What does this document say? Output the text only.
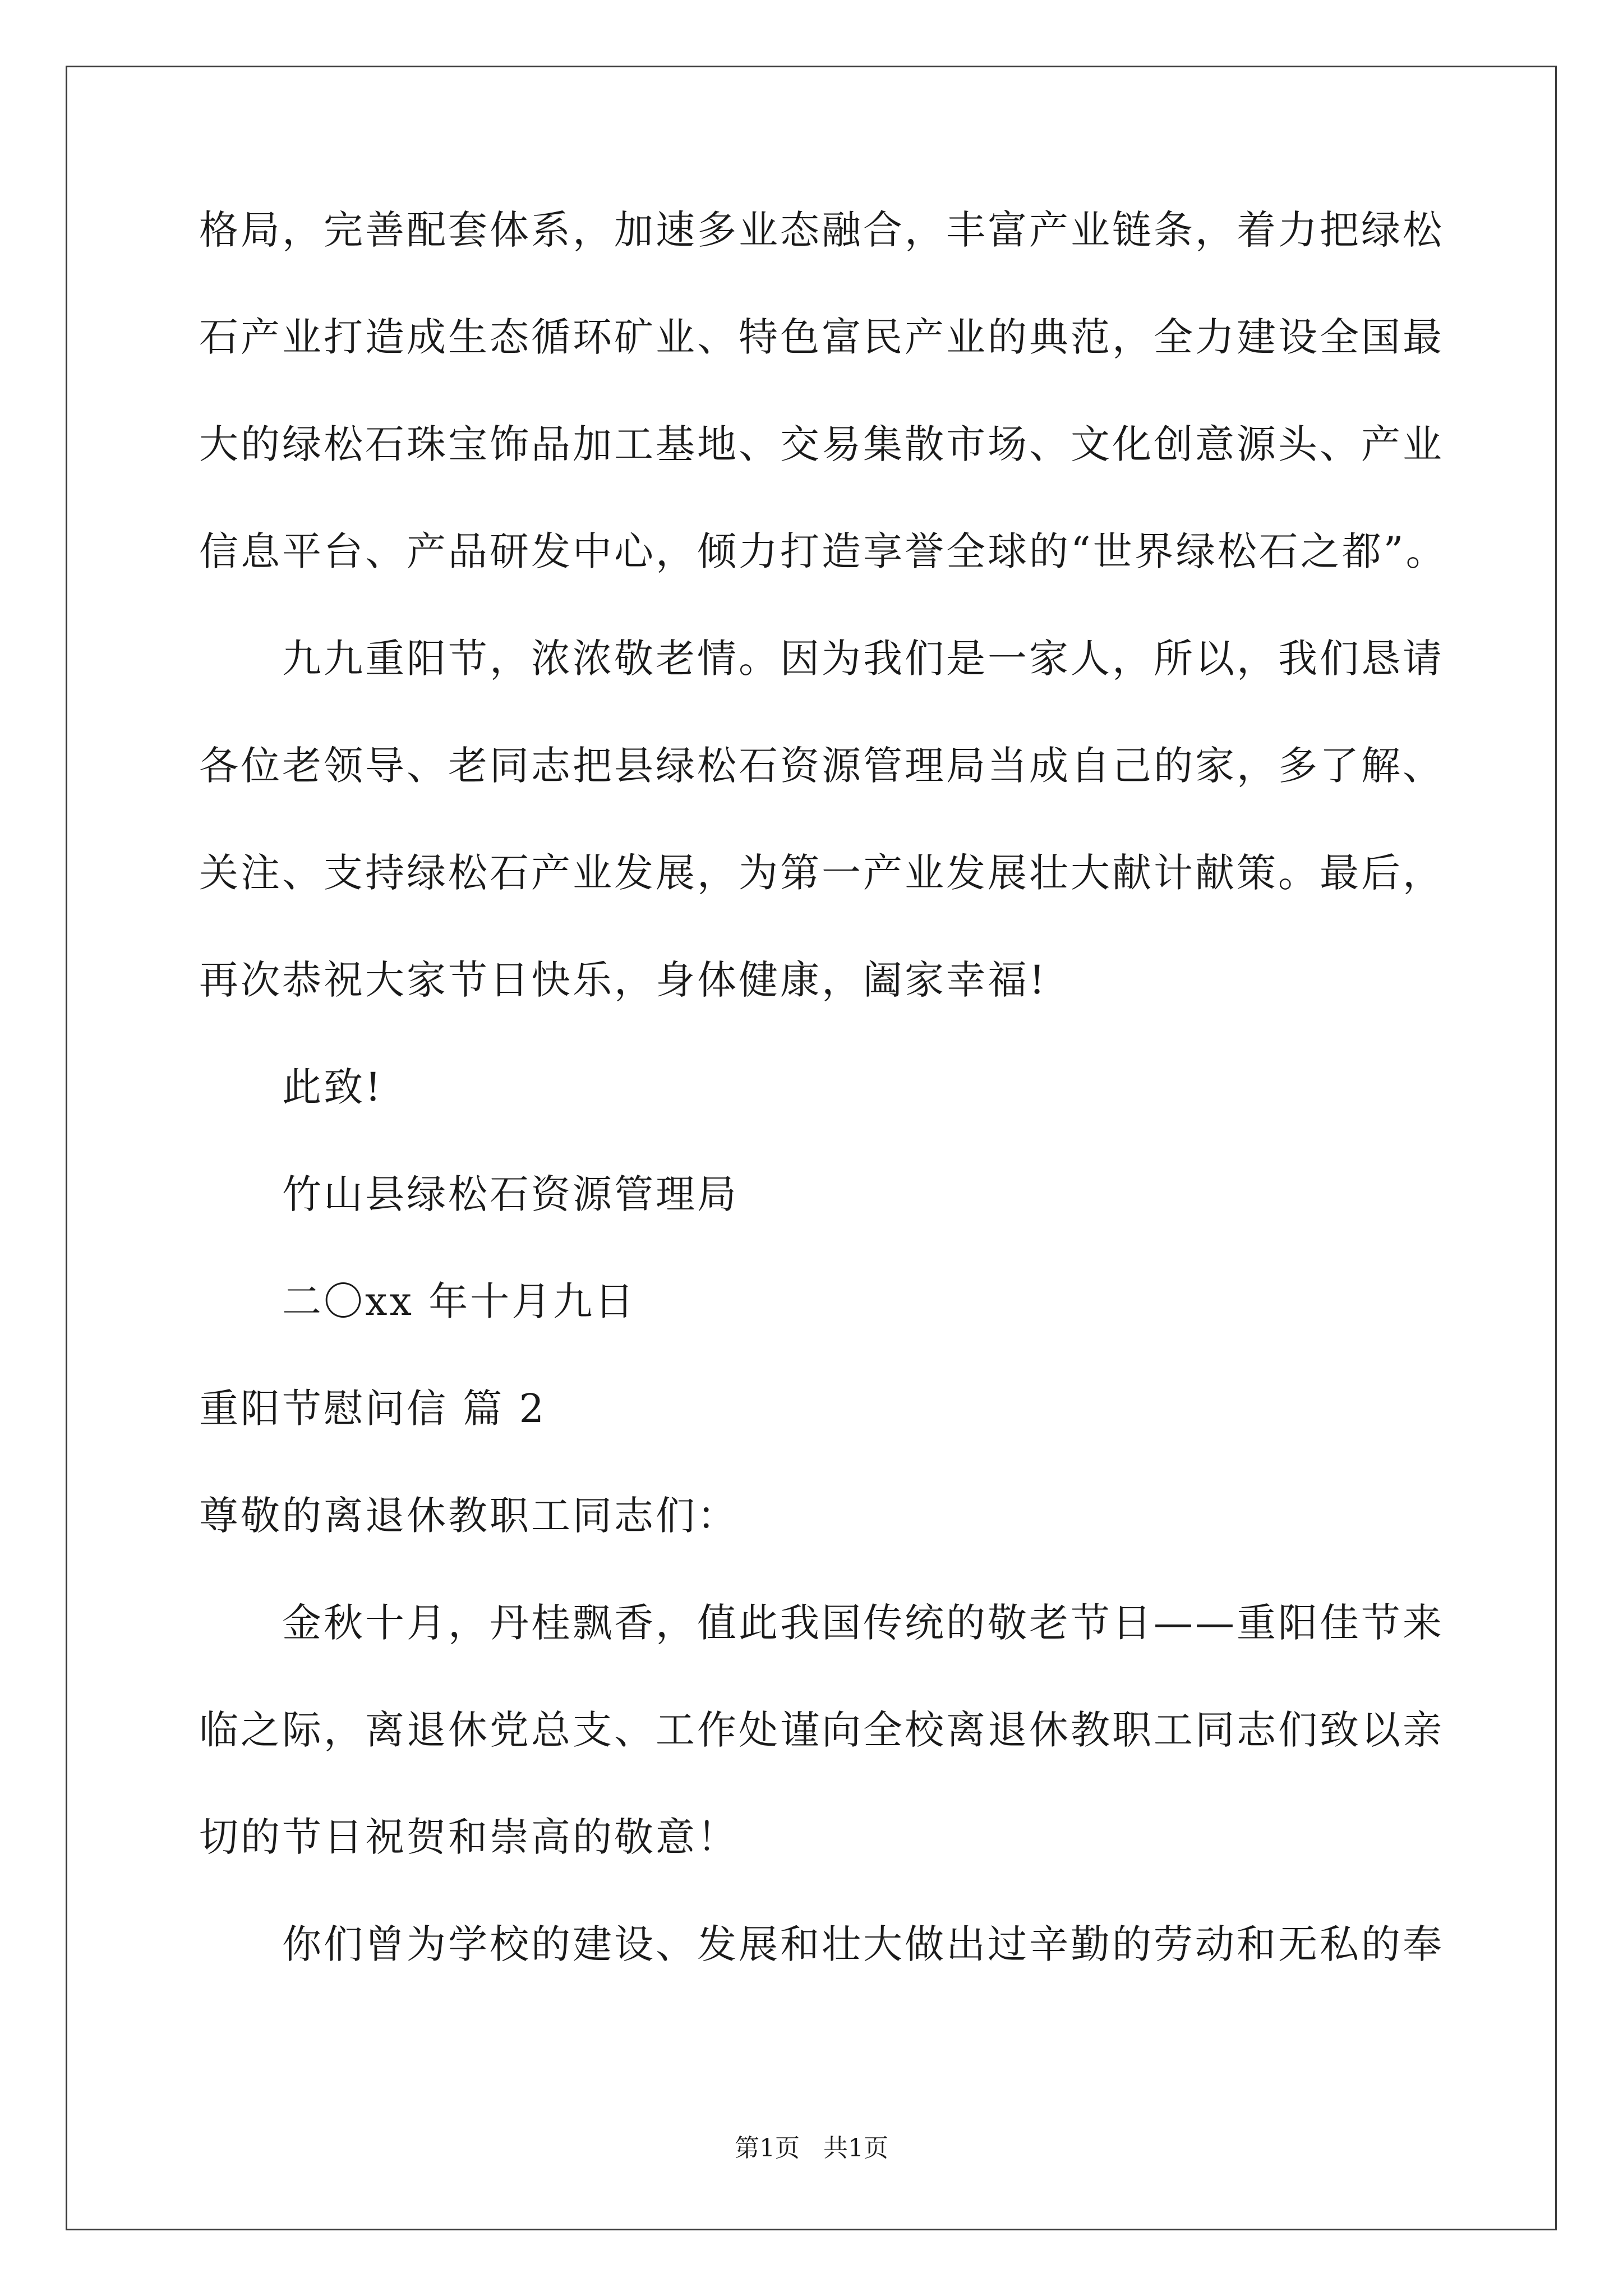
格局，完善配套体系，加速多业态融合，丰富产业链条，着力把绿松
石产业打造成生态循环矿业、特色富民产业的典范，全力建设全国最
大的绿松石珠宝饰品加工基地、交易集散市场、文化创意源头、产业
信息平台、产品研发中心，倾力打造享誉全球的“世界绿松石之都”。
九九重阳节，浓浓敬老情。因为我们是一家人，所以，我们恳请
各位老领导、老同志把县绿松石资源管理局当成自己的家，多了解、
关注、支持绿松石产业发展，为第一产业发展壮大献计献策。最后，
再次恭祝大家节日快乐，身体健康，阖家幸福!
此致!
竹山县绿松石资源管理局
二〇xx 年十月九日
重阳节慰问信 篇 2
尊敬的离退休教职工同志们：
金秋十月，丹桂飘香，值此我国传统的敬老节日——重阳佳节来
临之际，离退休党总支、工作处谨向全校离退休教职工同志们致以亲
切的节日祝贺和崇高的敬意！
你们曾为学校的建设、发展和壮大做出过辛勤的劳动和无私的奉
第1页   共1页
